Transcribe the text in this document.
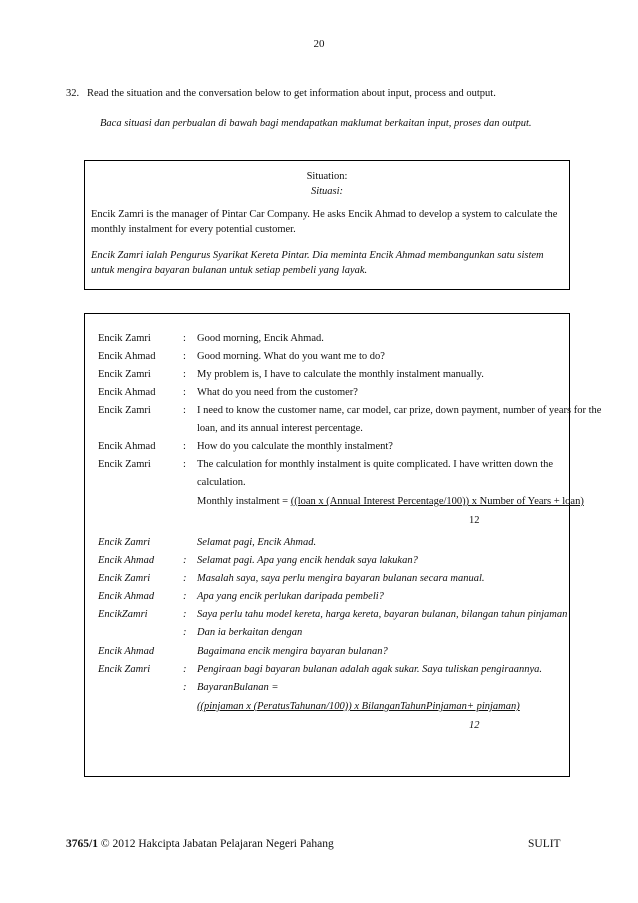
20
32. Read the situation and the conversation below to get information about input, process and output.
Baca situasi dan perbualan di bawah bagi mendapatkan maklumat berkaitan input, proses dan output.
Situation:
Situasi:
Encik Zamri is the manager of Pintar Car Company. He asks Encik Ahmad to develop a system to calculate the monthly instalment for every potential customer.
Encik Zamri ialah Pengurus Syarikat Kereta Pintar. Dia meminta Encik Ahmad membangunkan satu sistem untuk mengira bayaran bulanan untuk setiap pembeli yang layak.
Encik Zamri	: Good morning, Encik Ahmad.
Encik Ahmad	: Good morning. What do you want me to do?
Encik Zamri	: My problem is, I have to calculate the monthly instalment manually.
Encik Ahmad	: What do you need from the customer?
Encik Zamri	: I need to know the customer name, car model, car prize, down payment, number of years for the
loan, and its annual interest percentage.
Encik Ahmad	: How do you calculate the monthly instalment?
Encik Zamri	: The calculation for monthly instalment is quite complicated. I have written down the
calculation.
Monthly instalment = ((loan x (Annual Interest Percentage/100)) x Number of Years + loan)
12
Encik Zamri	Selamat pagi, Encik Ahmad.
Encik Ahmad	: Selamat pagi. Apa yang encik hendak saya lakukan?
Encik Zamri	: Masalah saya, saya perlu mengira bayaran bulanan secara manual.
Encik Ahmad	: Apa yang encik perlukan daripada pembeli?
EncikZamri	: Saya perlu tahu model kereta, harga kereta, bayaran bulanan, bilangan tahun pinjaman
: Dan ia berkaitan dengan
Encik Ahmad	Bagaimana encik mengira bayaran bulanan?
Encik Zamri	: Pengiraan bagi bayaran bulanan adalah agak sukar. Saya tuliskan pengiraannya.
: BayaranBulanan =
((pinjaman x (PeratusTahunan/100)) x BilanganTahunPinjaman+ pinjaman)
12
3765/1 © 2012 Hakcipta Jabatan Pelajaran Negeri Pahang	SULIT
